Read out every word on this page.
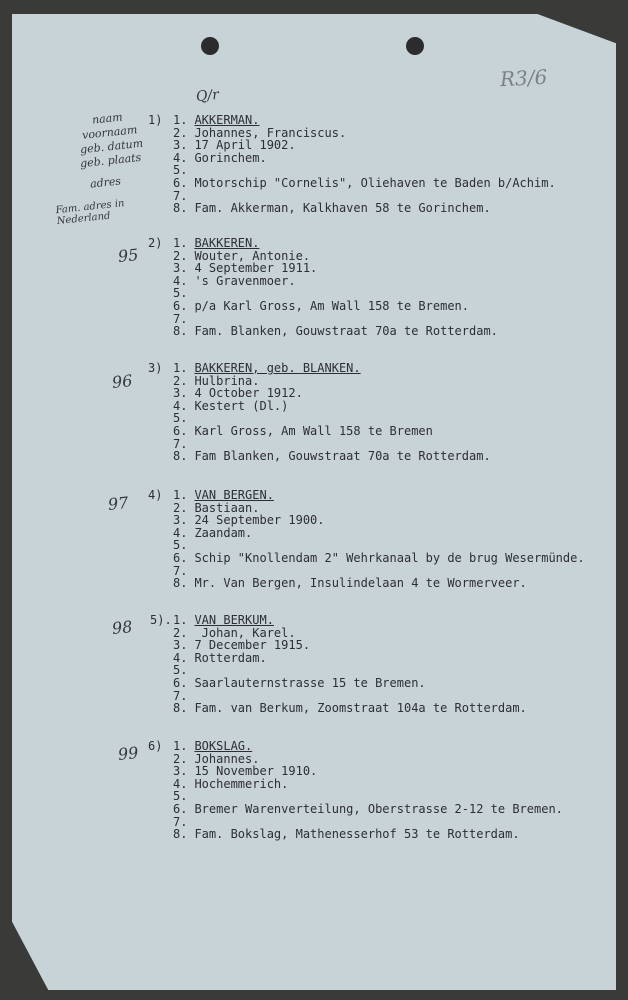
Q/r
R3/6
naam
voornaam
geb. datum
geb. plaats
adres
Fam. adres in Nederland
1) 1. AKKERMAN.
2. Johannes, Franciscus.
3. 17 April 1902.
4. Gorinchem.
5.
6. Motorschip "Cornelis", Oliehaven te Baden b/Achim.
7.
8. Fam. Akkerman, Kalkhaven 58 te Gorinchem.
2)
95
1. BAKKEREN.
2. Wouter, Antonie.
3. 4 September 1911.
4. 's Gravenmoer.
5.
6. p/a Karl Gross, Am Wall 158 te Bremen.
7.
8. Fam. Blanken, Gouwstraat 70a te Rotterdam.
3)
96
1. BAKKEREN, geb. BLANKEN.
2. Hulbrina.
3. 4 October 1912.
4. Kestert (Dl.)
5.
6. Karl Gross, Am Wall 158 te Bremen
7.
8. Fam Blanken, Gouwstraat 70a te Rotterdam.
4)
97	1. VAN BERGEN.
2. Bastiaan.
3. 24 September 1900.
4. Zaandam.
5.
6. Schip "Knollendam 2" Wehrkanaal by de brug Wesermünde.
7.
8. Mr. Van Bergen, Insulindelaan 4 te Wormerveer.
5).
98	1. VAN BERKUM.
2. Johan, Karel.
3. 7 December 1915.
4. Rotterdam.
5.
6. Saarlauternstrasse 15 te Bremen.
7.
8. Fam. van Berkum, Zoomstraat 104a te Rotterdam.
6)
99	1. BOKSLAG.
2. Johannes.
3. 15 November 1910.
4. Hochemmerich.
5.
6. Bremer Warenverteilung, Oberstrasse 2-12 te Bremen.
7.
8. Fam. Bokslag, Mathenesserhof 53 te Rotterdam.
